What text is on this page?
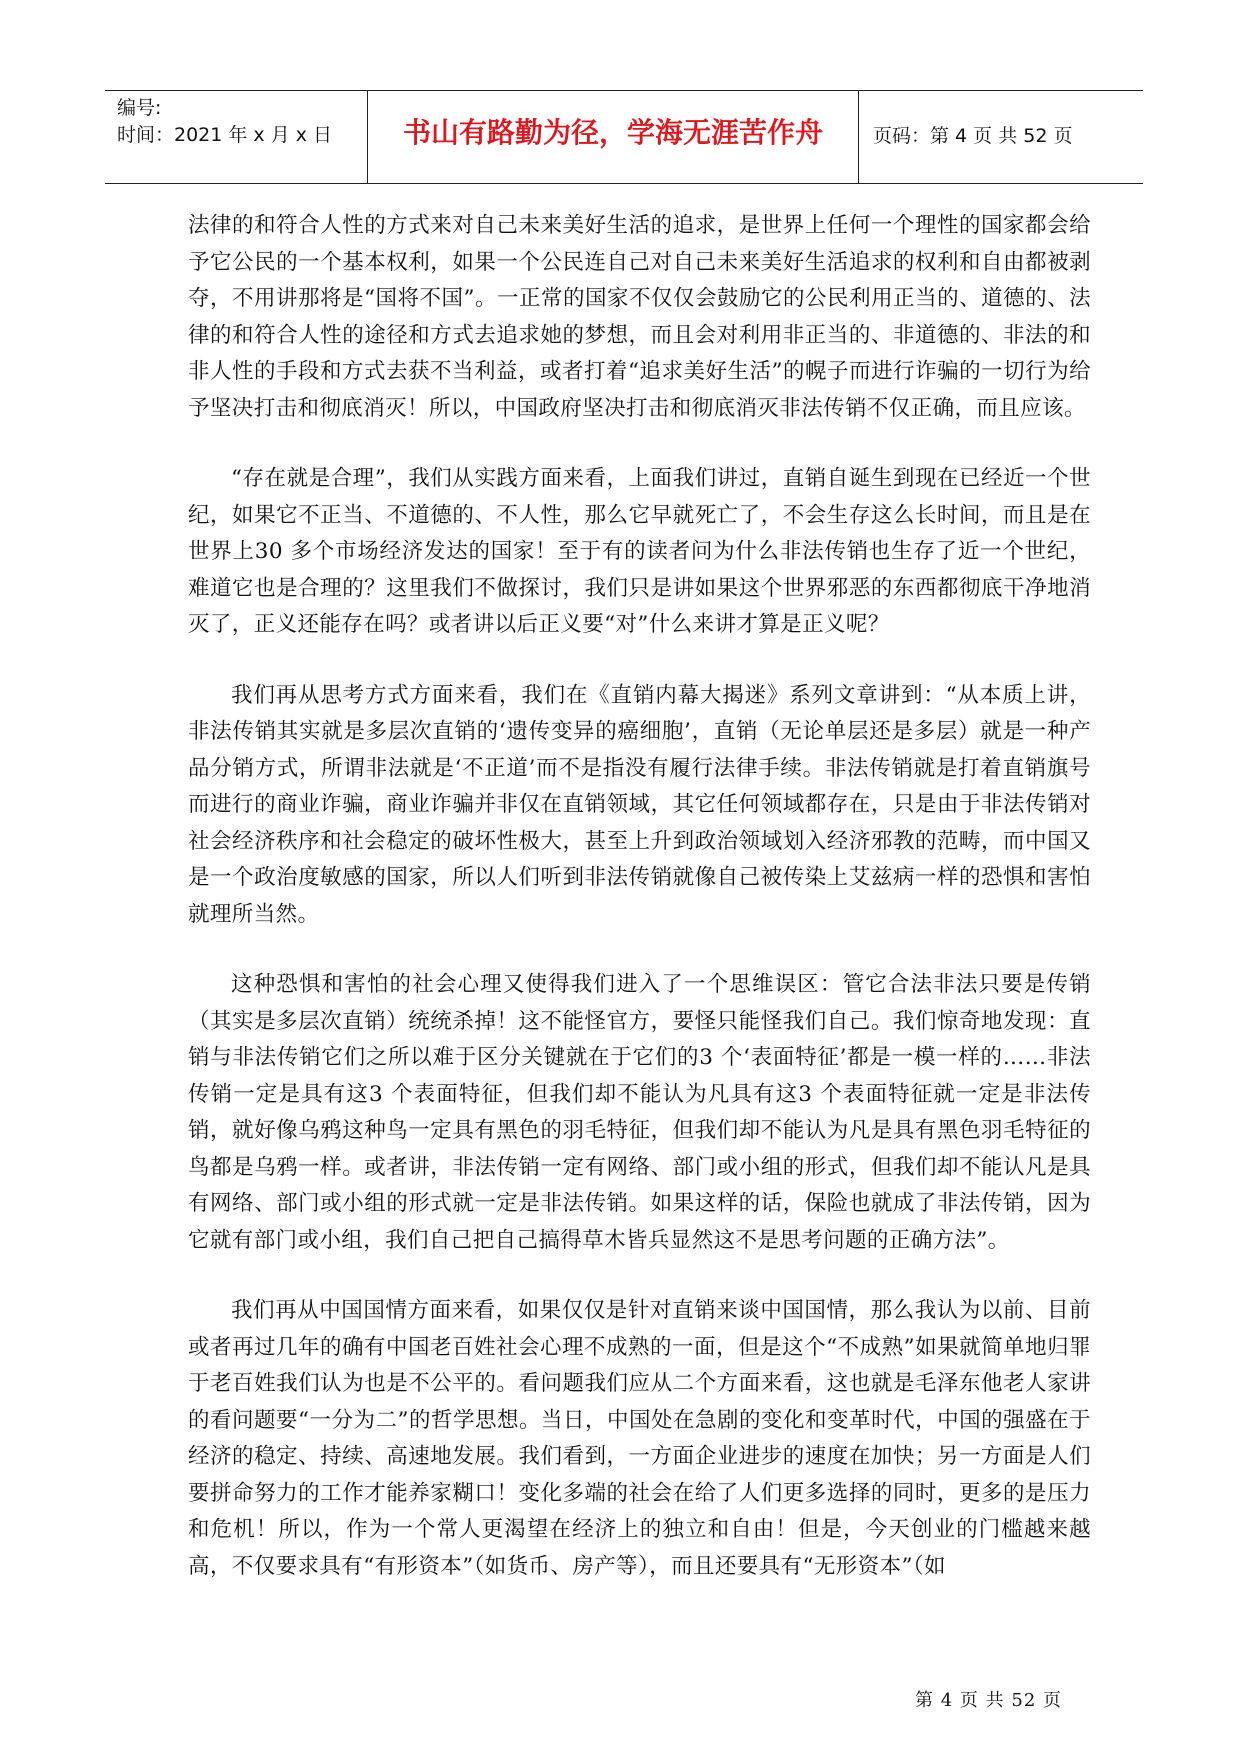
编号:
时间：2021 年 x 月 x 日	书山有路勤为径，学海无涯苦作舟	页码：第 4 页 共 52 页

法律的和符合人性的方式来对自己未来美好生活的追求，是世界上任何一个理性的国家都会给予它公民的一个基本权利，如果一个公民连自己对自己未来美好生活追求的权利和自由都被剥夺，不用讲那将是“国将不国”。一正常的国家不仅仅会鼓励它的公民利用正当的、道德的、法律的和符合人性的途径和方式去追求她的梦想，而且会对利用非正当的、非道德的、非法的和非人性的手段和方式去获不当利益，或者打着“追求美好生活”的幌子而进行诈骗的一切行为给予坚决打击和彻底消灭！所以，中国政府坚决打击和彻底消灭非法传销不仅正确，而且应该。

“存在就是合理”，我们从实践方面来看，上面我们讲过，直销自诞生到现在已经近一个世纪，如果它不正当、不道德的、不人性，那么它早就死亡了，不会生存这么长时间，而且是在世界上30 多个市场经济发达的国家！至于有的读者问为什么非法传销也生存了近一个世纪，难道它也是合理的？这里我们不做探讨，我们只是讲如果这个世界邪恶的东西都彻底干净地消灭了，正义还能存在吗？或者讲以后正义要“对”什么来讲才算是正义呢？

我们再从思考方式方面来看，我们在《直销内幕大揭迷》系列文章讲到：“从本质上讲，非法传销其实就是多层次直销的‘遗传变异的癌细胞’，直销（无论单层还是多层）就是一种产品分销方式，所谓非法就是‘不正道’而不是指没有履行法律手续。非法传销就是打着直销旗号而进行的商业诈骗，商业诈骗并非仅在直销领域，其它任何领域都存在，只是由于非法传销对社会经济秩序和社会稳定的破坏性极大，甚至上升到政治领域划入经济邪教的范畴，而中国又是一个政治度敏感的国家，所以人们听到非法传销就像自己被传染上艾兹病一样的恐惧和害怕就理所当然。

这种恐惧和害怕的社会心理又使得我们进入了一个思维误区：管它合法非法只要是传销（其实是多层次直销）统统杀掉！这不能怪官方，要怪只能怪我们自己。我们惊奇地发现：直销与非法传销它们之所以难于区分关键就在于它们的3 个‘表面特征’都是一模一样的……非法传销一定是具有这3 个表面特征，但我们却不能认为凡具有这3 个表面特征就一定是非法传销，就好像乌鸦这种鸟一定具有黑色的羽毛特征，但我们却不能认为凡是具有黑色羽毛特征的鸟都是乌鸦一样。或者讲，非法传销一定有网络、部门或小组的形式，但我们却不能认凡是具有网络、部门或小组的形式就一定是非法传销。如果这样的话，保险也就成了非法传销，因为它就有部门或小组，我们自己把自己搞得草木皆兵显然这不是思考问题的正确方法”。

我们再从中国国情方面来看，如果仅仅是针对直销来谈中国国情，那么我认为以前、目前或者再过几年的确有中国老百姓社会心理不成熟的一面，但是这个“不成熟”如果就简单地归罪于老百姓我们认为也是不公平的。看问题我们应从二个方面来看，这也就是毛泽东他老人家讲的看问题要“一分为二”的哲学思想。当日，中国处在急剧的变化和变革时代，中国的强盛在于经济的稳定、持续、高速地发展。我们看到，一方面企业进步的速度在加快；另一方面是人们要拼命努力的工作才能养家糊口！变化多端的社会在给了人们更多选择的同时，更多的是压力和危机！所以，作为一个常人更渴望在经济上的独立和自由！但是，今天创业的门槛越来越高，不仅要求具有“有形资本”（如货币、房产等），而且还要具有“无形资本”（如

第 4 页 共 52 页
